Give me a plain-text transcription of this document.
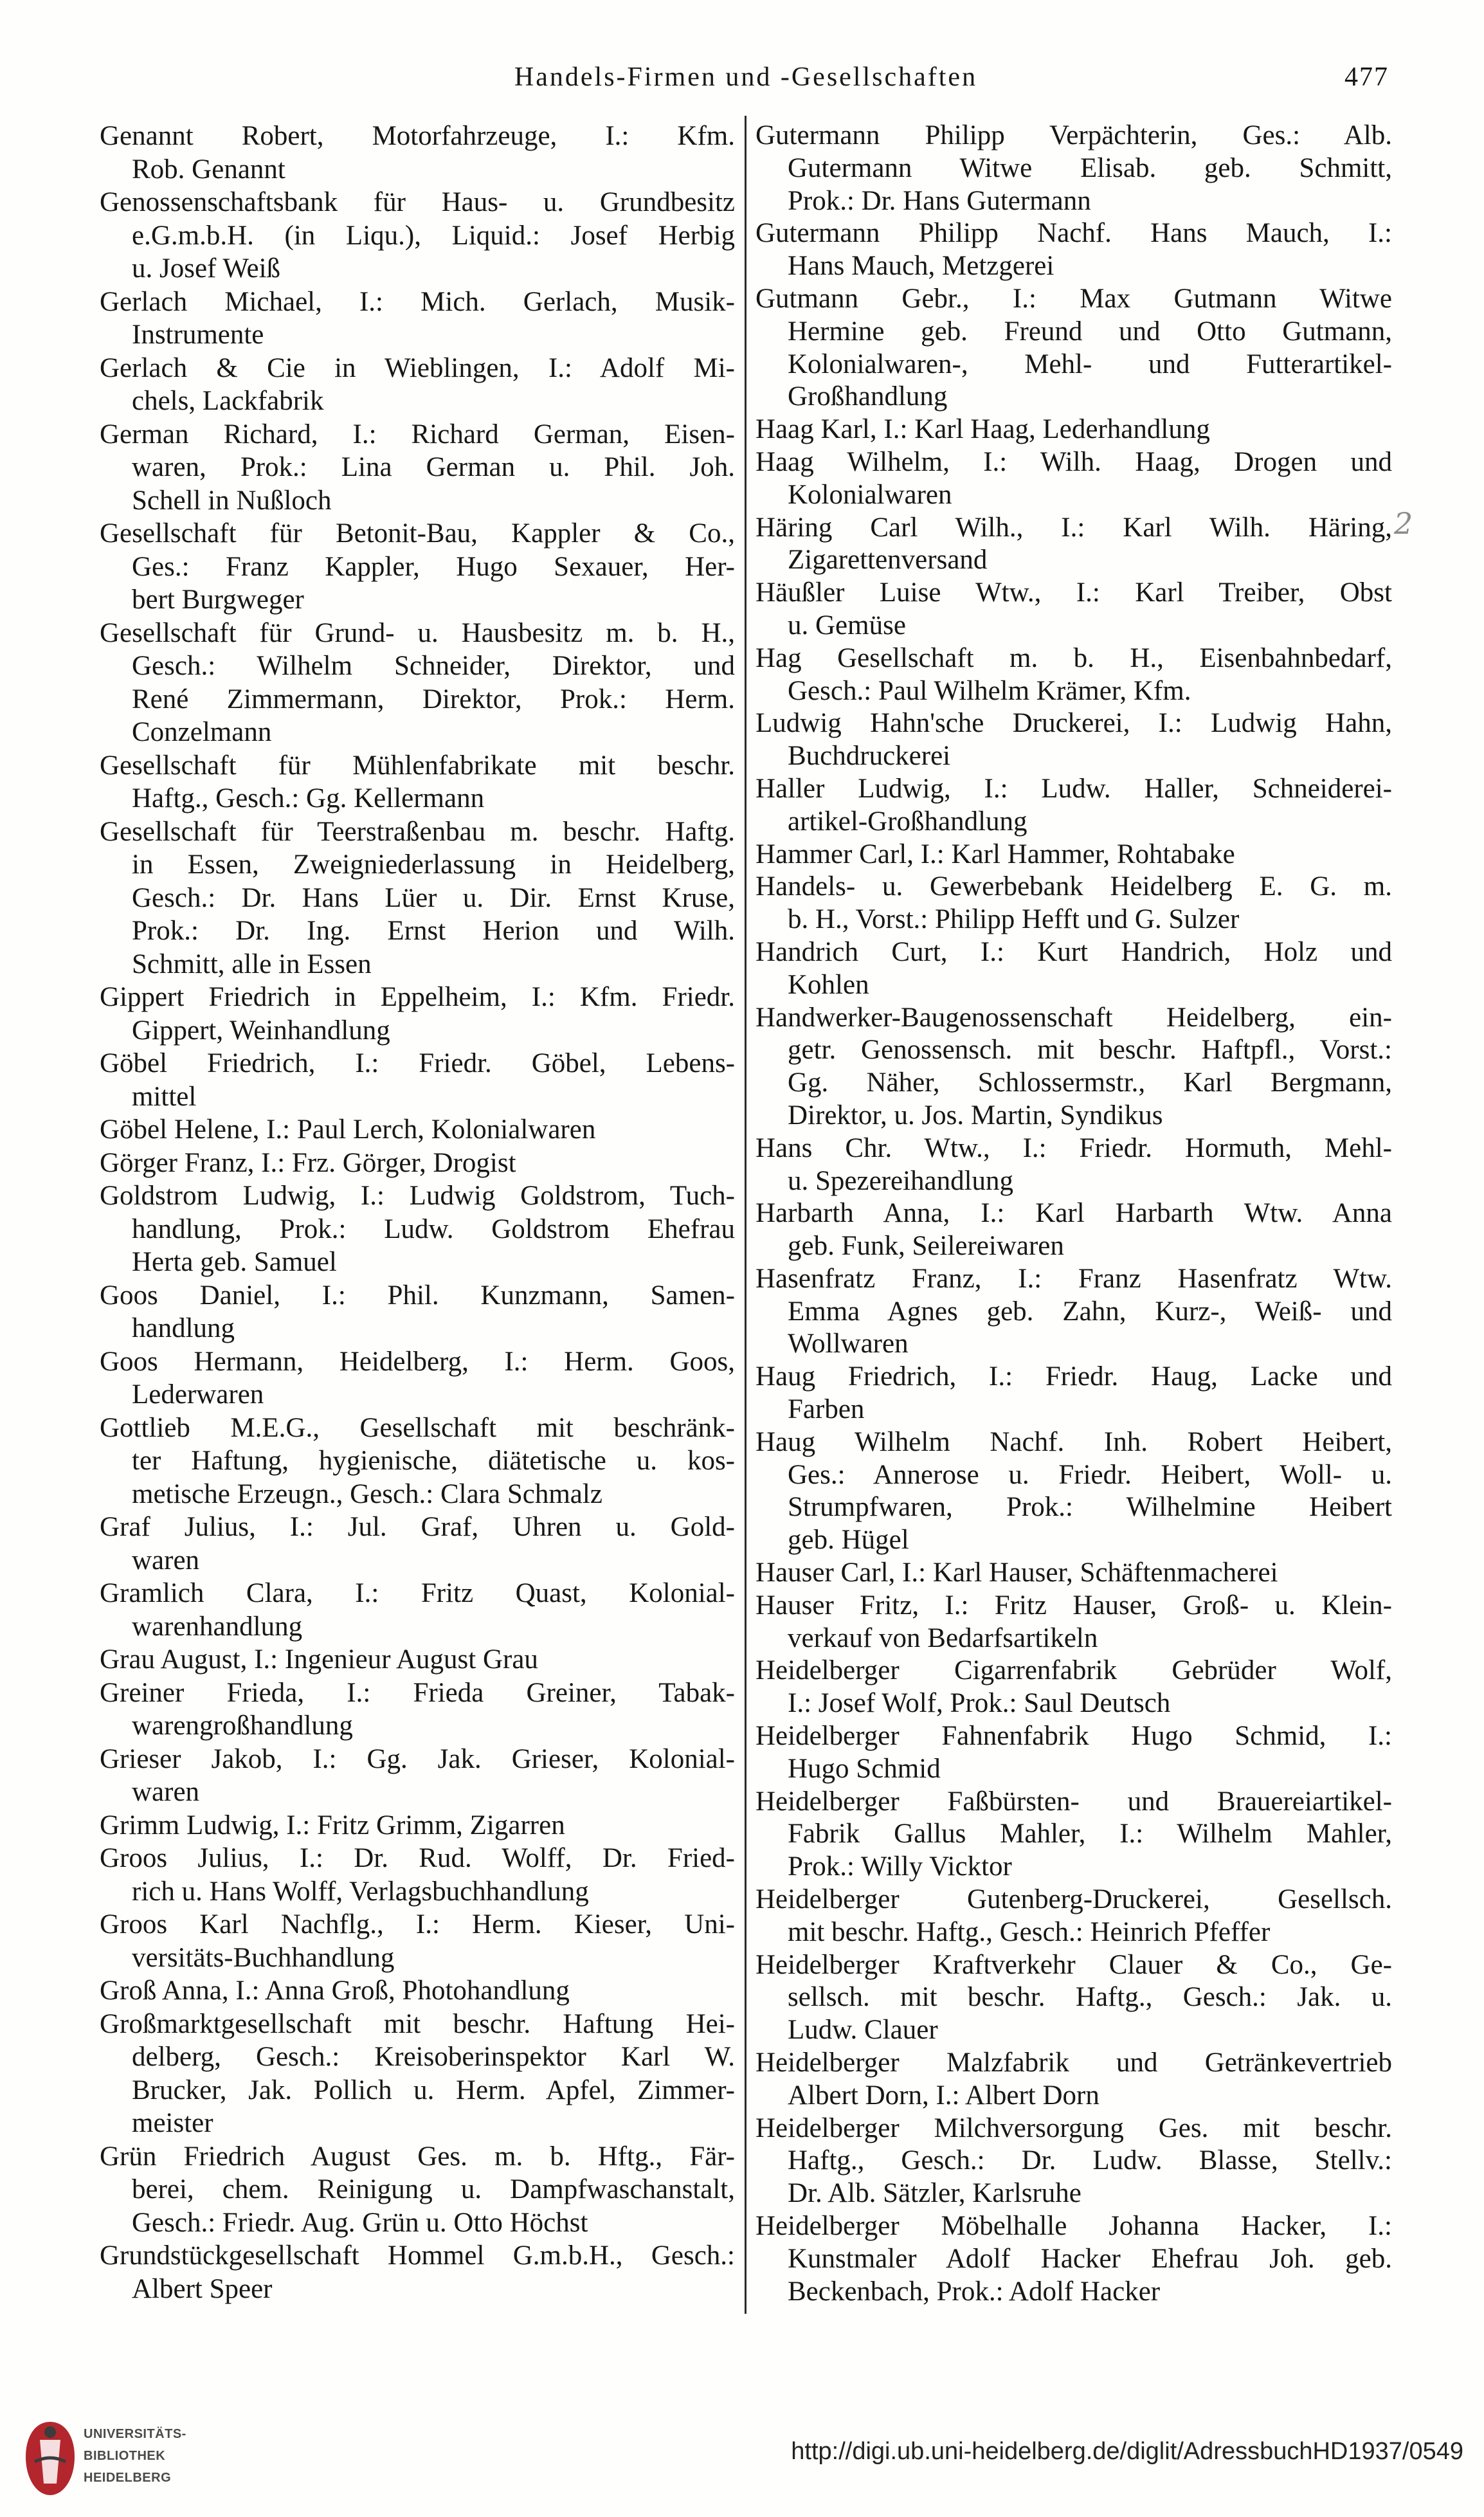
Handels-Firmen und -Gesellschaften	477
Genannt Robert, Motorfahrzeuge, I.: Kfm.
Rob. Genannt
Genossenschaftsbank für Haus- u. Grundbesitz
e.G.m.b.H. (in Liqu.), Liquid.: Josef Herbig
u. Josef Weiß
Gerlach Michael, I.: Mich. Gerlach, Musik-
Instrumente
Gerlach & Cie in Wieblingen, I.: Adolf Mi-
chels, Lackfabrik
German Richard, I.: Richard German, Eisen-
waren, Prok.: Lina German u. Phil. Joh.
Schell in Nußloch
Gesellschaft für Betonit-Bau, Kappler & Co.,
Ges.: Franz Kappler, Hugo Sexauer, Her-
bert Burgweger
Gesellschaft für Grund- u. Hausbesitz m. b. H.,
Gesch.: Wilhelm Schneider, Direktor, und
René Zimmermann, Direktor, Prok.: Herm.
Conzelmann
Gesellschaft für Mühlenfabrikate mit beschr.
Haftg., Gesch.: Gg. Kellermann
Gesellschaft für Teerstraßenbau m. beschr. Haftg.
in Essen, Zweigniederlassung in Heidelberg,
Gesch.: Dr. Hans Lüer u. Dir. Ernst Kruse,
Prok.: Dr. Ing. Ernst Herion und Wilh.
Schmitt, alle in Essen
Gippert Friedrich in Eppelheim, I.: Kfm. Friedr.
Gippert, Weinhandlung
Göbel Friedrich, I.: Friedr. Göbel, Lebens-
mittel
Göbel Helene, I.: Paul Lerch, Kolonialwaren
Görger Franz, I.: Frz. Görger, Drogist
Goldstrom Ludwig, I.: Ludwig Goldstrom, Tuch-
handlung, Prok.: Ludw. Goldstrom Ehefrau
Herta geb. Samuel
Goos Daniel, I.: Phil. Kunzmann, Samen-
handlung
Goos Hermann, Heidelberg, I.: Herm. Goos,
Lederwaren
Gottlieb M.E.G., Gesellschaft mit beschränk-
ter Haftung, hygienische, diätetische u. kos-
metische Erzeugn., Gesch.: Clara Schmalz
Graf Julius, I.: Jul. Graf, Uhren u. Gold-
waren
Gramlich Clara, I.: Fritz Quast, Kolonial-
warenhandlung
Grau August, I.: Ingenieur August Grau
Greiner Frieda, I.: Frieda Greiner, Tabak-
warengroßhandlung
Grieser Jakob, I.: Gg. Jak. Grieser, Kolonial-
waren
Grimm Ludwig, I.: Fritz Grimm, Zigarren
Groos Julius, I.: Dr. Rud. Wolff, Dr. Fried-
rich u. Hans Wolff, Verlagsbuchhandlung
Groos Karl Nachflg., I.: Herm. Kieser, Uni-
versitäts-Buchhandlung
Groß Anna, I.: Anna Groß, Photohandlung
Großmarktgesellschaft mit beschr. Haftung Hei-
delberg, Gesch.: Kreisoberinspektor Karl W.
Brucker, Jak. Pollich u. Herm. Apfel, Zimmer-
meister
Grün Friedrich August Ges. m. b. Hftg., Fär-
berei, chem. Reinigung u. Dampfwaschanstalt,
Gesch.: Friedr. Aug. Grün u. Otto Höchst
Grundstückgesellschaft Hommel G.m.b.H., Gesch.:
Albert Speer
Gutermann Philipp Verpächterin, Ges.: Alb.
Gutermann Witwe Elisab. geb. Schmitt,
Prok.: Dr. Hans Gutermann
Gutermann Philipp Nachf. Hans Mauch, I.:
Hans Mauch, Metzgerei
Gutmann Gebr., I.: Max Gutmann Witwe
Hermine geb. Freund und Otto Gutmann,
Kolonialwaren-, Mehl- und Futterartikel-
Großhandlung
Haag Karl, I.: Karl Haag, Lederhandlung
Haag Wilhelm, I.: Wilh. Haag, Drogen und
Kolonialwaren
Häring Carl Wilh., I.: Karl Wilh. Häring,
Zigarettenversand
Häußler Luise Wtw., I.: Karl Treiber, Obst
u. Gemüse
Hag Gesellschaft m. b. H., Eisenbahnbedarf,
Gesch.: Paul Wilhelm Krämer, Kfm.
Ludwig Hahn'sche Druckerei, I.: Ludwig Hahn,
Buchdruckerei
Haller Ludwig, I.: Ludw. Haller, Schneiderei-
artikel-Großhandlung
Hammer Carl, I.: Karl Hammer, Rohtabake
Handels- u. Gewerbebank Heidelberg E. G. m.
b. H., Vorst.: Philipp Hefft und G. Sulzer
Handrich Curt, I.: Kurt Handrich, Holz und
Kohlen
Handwerker-Baugenossenschaft Heidelberg, ein-
getr. Genossensch. mit beschr. Haftpfl., Vorst.:
Gg. Näher, Schlossermstr., Karl Bergmann,
Direktor, u. Jos. Martin, Syndikus
Hans Chr. Wtw., I.: Friedr. Hormuth, Mehl-
u. Spezereihandlung
Harbarth Anna, I.: Karl Harbarth Wtw. Anna
geb. Funk, Seilereiwaren
Hasenfratz Franz, I.: Franz Hasenfratz Wtw.
Emma Agnes geb. Zahn, Kurz-, Weiß- und
Wollwaren
Haug Friedrich, I.: Friedr. Haug, Lacke und
Farben
Haug Wilhelm Nachf. Inh. Robert Heibert,
Ges.: Annerose u. Friedr. Heibert, Woll- u.
Strumpfwaren, Prok.: Wilhelmine Heibert
geb. Hügel
Hauser Carl, I.: Karl Hauser, Schäftenmacherei
Hauser Fritz, I.: Fritz Hauser, Groß- u. Klein-
verkauf von Bedarfsartikeln
Heidelberger Cigarrenfabrik Gebrüder Wolf,
I.: Josef Wolf, Prok.: Saul Deutsch
Heidelberger Fahnenfabrik Hugo Schmid, I.:
Hugo Schmid
Heidelberger Faßbürsten- und Brauereiartikel-
Fabrik Gallus Mahler, I.: Wilhelm Mahler,
Prok.: Willy Vicktor
Heidelberger Gutenberg-Druckerei, Gesellsch.
mit beschr. Haftg., Gesch.: Heinrich Pfeffer
Heidelberger Kraftverkehr Clauer & Co., Ge-
sellsch. mit beschr. Haftg., Gesch.: Jak. u.
Ludw. Clauer
Heidelberger Malzfabrik und Getränkevertrieb
Albert Dorn, I.: Albert Dorn
Heidelberger Milchversorgung Ges. mit beschr.
Haftg., Gesch.: Dr. Ludw. Blasse, Stellv.:
Dr. Alb. Sätzler, Karlsruhe
Heidelberger Möbelhalle Johanna Hacker, I.:
Kunstmaler Adolf Hacker Ehefrau Joh. geb.
Beckenbach, Prok.: Adolf Hacker
2
UNIVERSITÄTS-
BIBLIOTHEK
HEIDELBERG
http://digi.ub.uni-heidelberg.de/diglit/AdressbuchHD1937/0549
